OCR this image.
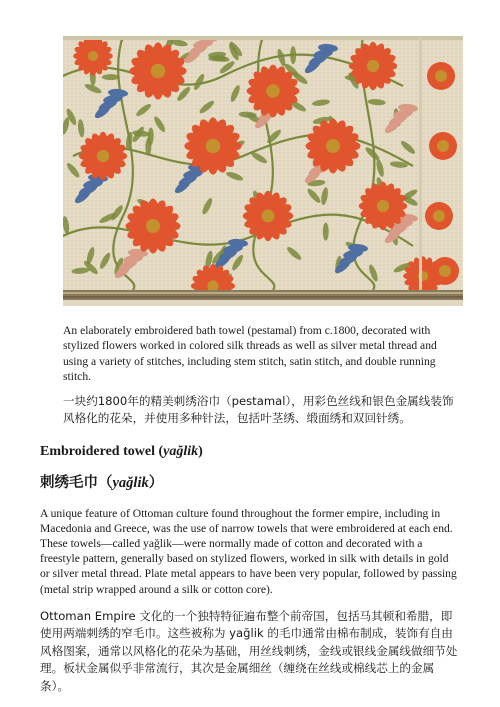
An elaborately embroidered bath towel (pestamal) from c.1800, decorated with stylized flowers worked in colored silk threads as well as silver metal thread and using a variety of stitches, including stem stitch, satin stitch, and double running stitch.

一块约1800年的精美刺绣浴巾（pestamal），用彩色丝线和银色金属线装饰风格化的花朵，并使用多种针法，包括叶茎绣、缎面绣和双回针绣。

Embroidered towel (yağlik)
刺绣毛巾（yağlik）

A unique feature of Ottoman culture found throughout the former empire, including in Macedonia and Greece, was the use of narrow towels that were embroidered at each end. These towels—called yağlik—were normally made of cotton and decorated with a freestyle pattern, generally based on stylized flowers, worked in silk with details in gold or silver metal thread. Plate metal appears to have been very popular, followed by passing (metal strip wrapped around a silk or cotton core).

Ottoman Empire 文化的一个独特特征遍布整个前帝国，包括马其顿和希腊，即使用两端刺绣的窄毛巾。这些被称为 yağlik 的毛巾通常由棉布制成，装饰有自由风格图案，通常以风格化的花朵为基础，用丝线刺绣，金线或银线金属线做细节处理。板状金属似乎非常流行，其次是金属细丝（缠绕在丝线或棉线芯上的金属条）。
